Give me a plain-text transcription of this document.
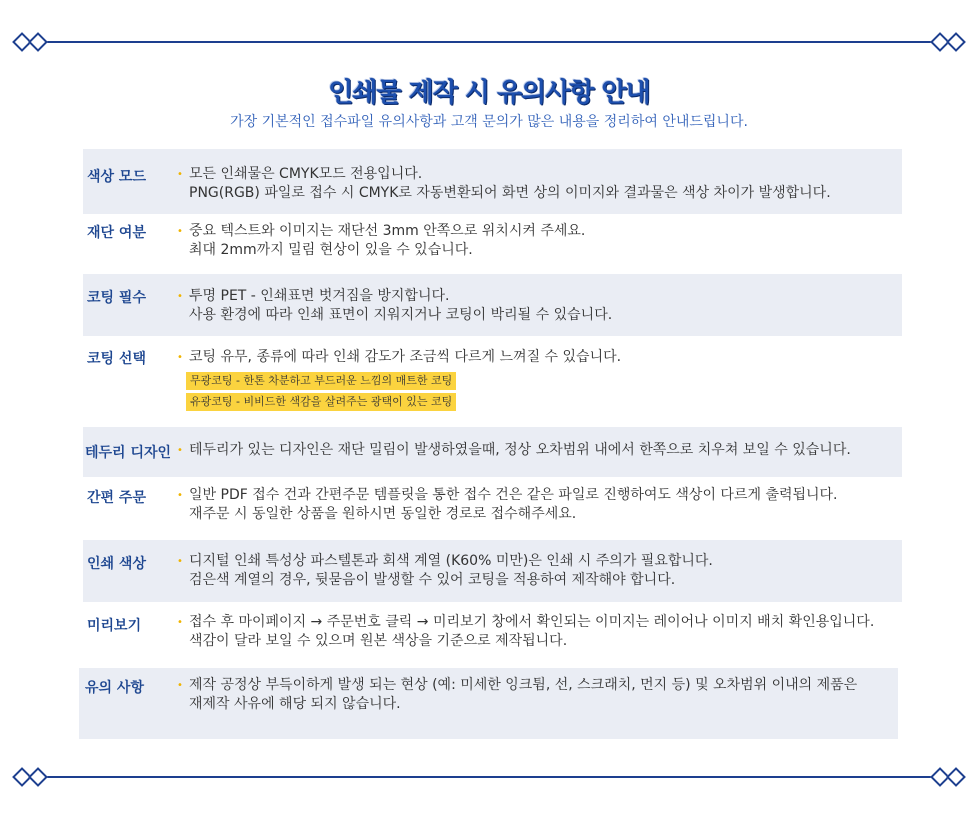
인쇄물 제작 시 유의사항 안내
가장 기본적인 접수파일 유의사항과 고객 문의가 많은 내용을 정리하여 안내드립니다.
색상 모드	• 모든 인쇄물은 CMYK모드 전용입니다.
PNG(RGB) 파일로 접수 시 CMYK로 자동변환되어 화면 상의 이미지와 결과물은 색상 차이가 발생합니다.
재단 여분	• 중요 텍스트와 이미지는 재단선 3mm 안쪽으로 위치시켜 주세요.
최대 2mm까지 밀림 현상이 있을 수 있습니다.
코팅 필수	• 투명 PET - 인쇄표면 벗겨짐을 방지합니다.
사용 환경에 따라 인쇄 표면이 지워지거나 코팅이 박리될 수 있습니다.
코팅 선택	• 코팅 유무, 종류에 따라 인쇄 감도가 조금씩 다르게 느껴질 수 있습니다.
무광코팅 - 한톤 차분하고 부드러운 느낌의 매트한 코팅
유광코팅 - 비비드한 색감을 살려주는 광택이 있는 코팅
테두리 디자인 • 테두리가 있는 디자인은 재단 밀림이 발생하였을때, 정상 오차범위 내에서 한쪽으로 치우쳐 보일 수 있습니다.
간편 주문	• 일반 PDF 접수 건과 간편주문 템플릿을 통한 접수 건은 같은 파일로 진행하여도 색상이 다르게 출력됩니다.
재주문 시 동일한 상품을 원하시면 동일한 경로로 접수해주세요.
인쇄 색상	• 디지털 인쇄 특성상 파스텔톤과 회색 계열 (K60% 미만)은 인쇄 시 주의가 필요합니다.
검은색 계열의 경우, 뒷묻음이 발생할 수 있어 코팅을 적용하여 제작해야 합니다.
미리보기	• 접수 후 마이페이지 → 주문번호 클릭 → 미리보기 창에서 확인되는 이미지는 레이어나 이미지 배치 확인용입니다.
색감이 달라 보일 수 있으며 원본 색상을 기준으로 제작됩니다.
유의 사항	• 제작 공정상 부득이하게 발생 되는 현상 (예: 미세한 잉크튐, 선, 스크래치, 먼지 등) 및 오차범위 이내의 제품은
재제작 사유에 해당 되지 않습니다.
